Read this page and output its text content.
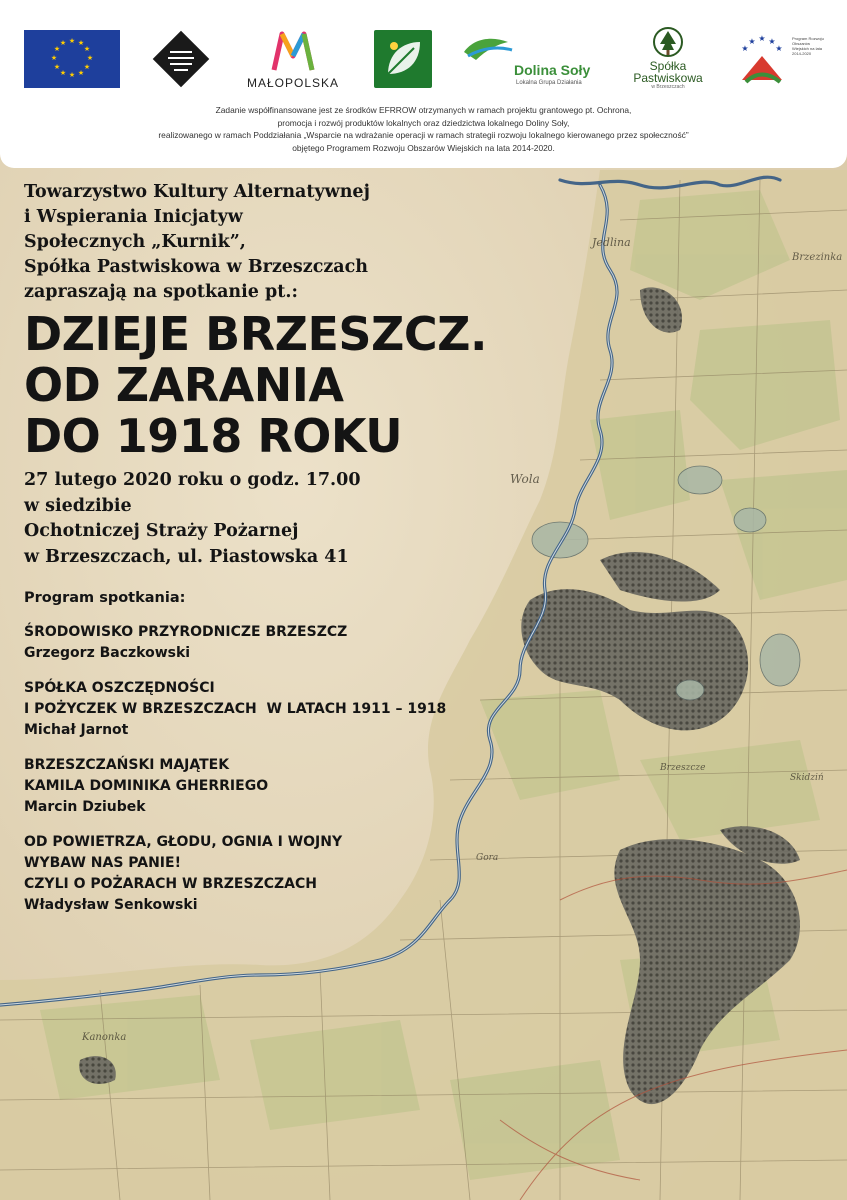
Jedlina
Brzezinka
Wola
Brzeszcze
Gora
Kanonka
Skidziń
★ ★
★
★
★
★
★
★
★
★
★
★
MAŁOPOLSKA
Dolina Soły
Lokalna Grupa Działania
Spółka
Pastwiskowa
w Brzeszczach
★ ★
★
★
★
Program Rozwoju Obszarów Wiejskich na lata 2014-2020
Zadanie współfinansowane jest ze środków EFRROW otrzymanych w ramach projektu grantowego pt. Ochrona,
promocja i rozwój produktów lokalnych oraz dziedzictwa lokalnego Doliny Soły,
realizowanego w ramach Poddziałania „Wsparcie na wdrażanie operacji w ramach strategii rozwoju lokalnego kierowanego przez społeczność”
objętego Programem Rozwoju Obszarów Wiejskich na lata 2014-2020.
Towarzystwo Kultury Alternatywnej
i Wspierania Inicjatyw
Społecznych „Kurnik”,
Spółka Pastwiskowa w Brzeszczach
zapraszają na spotkanie pt.:
DZIEJE BRZESZCZ.
OD ZARANIA
DO 1918 ROKU
27 lutego 2020 roku o godz. 17.00
w siedzibie
Ochotniczej Straży Pożarnej
w Brzeszczach, ul. Piastowska 41
Program spotkania:
ŚRODOWISKO PRZYRODNICZE BRZESZCZ
Grzegorz Baczkowski
SPÓŁKA OSZCZĘDNOŚCI
I POŻYCZEK W BRZESZCZACH  W LATACH 1911 – 1918
Michał Jarnot
BRZESZCZAŃSKI MAJĄTEK
KAMILA DOMINIKA GHERRIEGO
Marcin Dziubek
OD POWIETRZA, GŁODU, OGNIA I WOJNY
WYBAW NAS PANIE!
CZYLI O POŻARACH W BRZESZCZACH
Władysław Senkowski
